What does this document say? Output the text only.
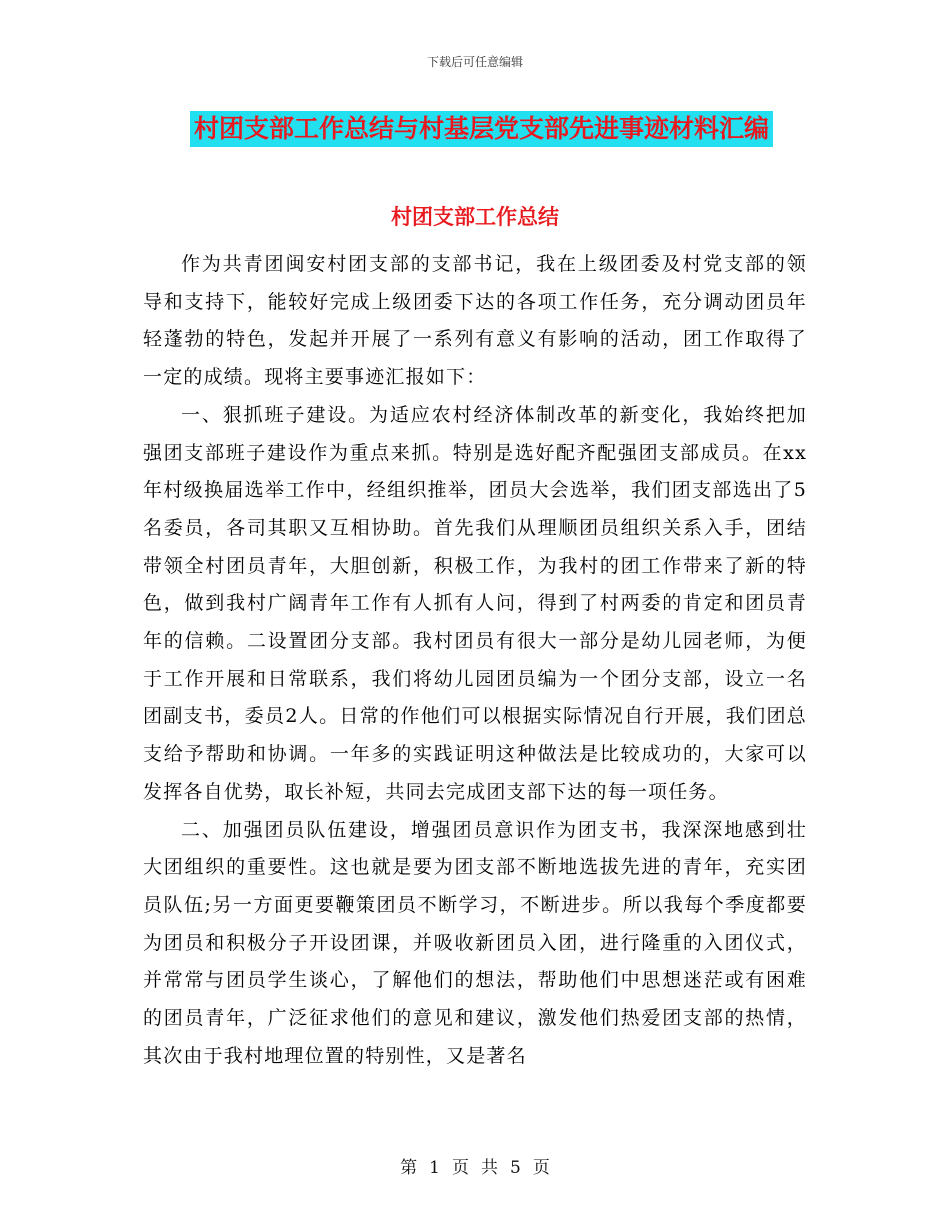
下载后可任意编辑
村团支部工作总结与村基层党支部先进事迹材料汇编
村团支部工作总结

作为共青团闽安村团支部的支部书记，我在上级团委及村党支部的领导和支持下，能较好完成上级团委下达的各项工作任务，充分调动团员年轻蓬勃的特色，发起并开展了一系列有意义有影响的活动，团工作取得了一定的成绩。现将主要事迹汇报如下：

一、狠抓班子建设。为适应农村经济体制改革的新变化，我始终把加强团支部班子建设作为重点来抓。特别是选好配齐配强团支部成员。在xx年村级换届选举工作中，经组织推举，团员大会选举，我们团支部选出了5名委员，各司其职又互相协助。首先我们从理顺团员组织关系入手，团结带领全村团员青年，大胆创新，积极工作，为我村的团工作带来了新的特色，做到我村广阔青年工作有人抓有人问，得到了村两委的肯定和团员青年的信赖。二设置团分支部。我村团员有很大一部分是幼儿园老师，为便于工作开展和日常联系，我们将幼儿园团员编为一个团分支部，设立一名团副支书，委员2人。日常的作他们可以根据实际情况自行开展，我们团总支给予帮助和协调。一年多的实践证明这种做法是比较成功的，大家可以发挥各自优势，取长补短，共同去完成团支部下达的每一项任务。

二、加强团员队伍建设，增强团员意识作为团支书，我深深地感到壮大团组织的重要性。这也就是要为团支部不断地选拔先进的青年，充实团员队伍;另一方面更要鞭策团员不断学习，不断进步。所以我每个季度都要为团员和积极分子开设团课，并吸收新团员入团，进行隆重的入团仪式，并常常与团员学生谈心，了解他们的想法，帮助他们中思想迷茫或有困难的团员青年，广泛征求他们的意见和建议，激发他们热爱团支部的热情，其次由于我村地理位置的特别性，又是著名

第 1 页 共 5 页
